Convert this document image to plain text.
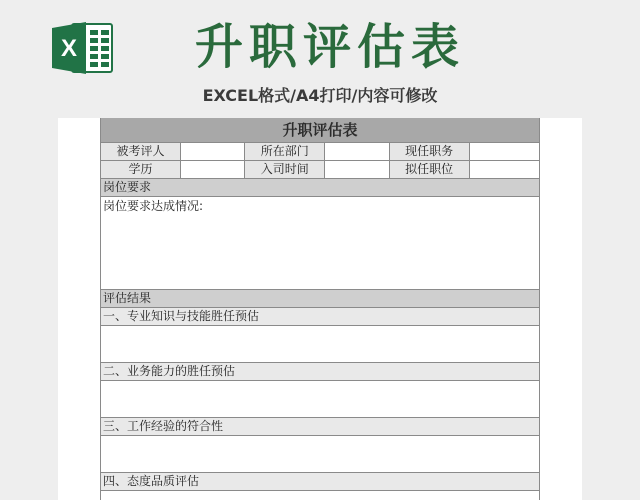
X	升职评估表
EXCEL格式/A4打印/内容可修改
升职评估表
被考评人	所在部门	现任职务
学历	入司时间	拟任职位
岗位要求
岗位要求达成情况:
评估结果
一、专业知识与技能胜任预估
二、业务能力的胜任预估
三、工作经验的符合性
四、态度品质评估
